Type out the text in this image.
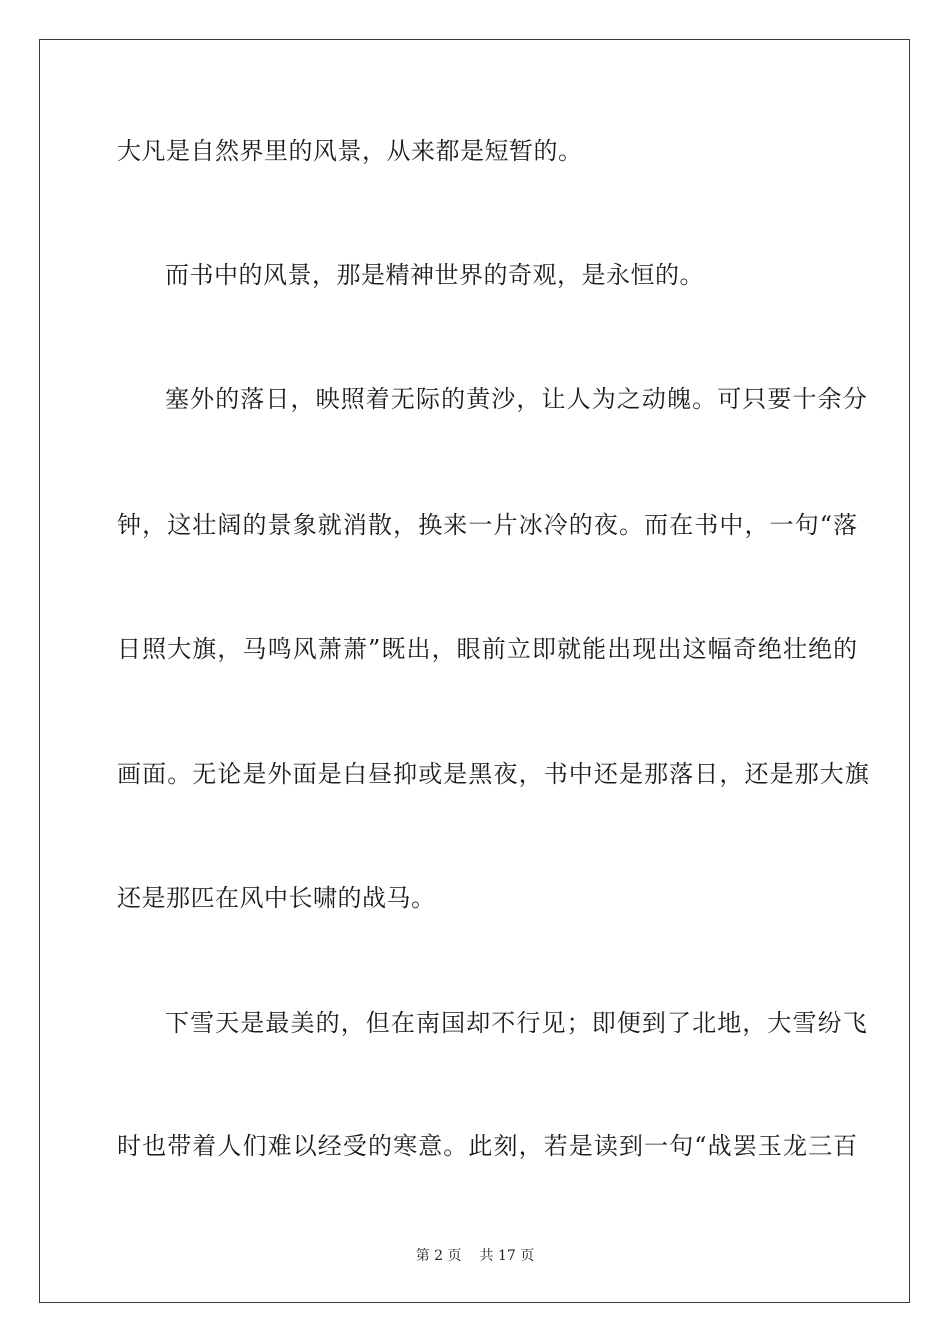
大凡是自然界里的风景，从来都是短暂的。
而书中的风景，那是精神世界的奇观，是永恒的。
塞外的落日，映照着无际的黄沙，让人为之动魄。可只要十余分
钟，这壮阔的景象就消散，换来一片冰冷的夜。而在书中，一句“落
日照大旗，马鸣风萧萧”既出，眼前立即就能出现出这幅奇绝壮绝的
画面。无论是外面是白昼抑或是黑夜，书中还是那落日，还是那大旗
还是那匹在风中长啸的战马。
下雪天是最美的，但在南国却不行见；即便到了北地，大雪纷飞
时也带着人们难以经受的寒意。此刻，若是读到一句“战罢玉龙三百
第 2 页 共 17 页
